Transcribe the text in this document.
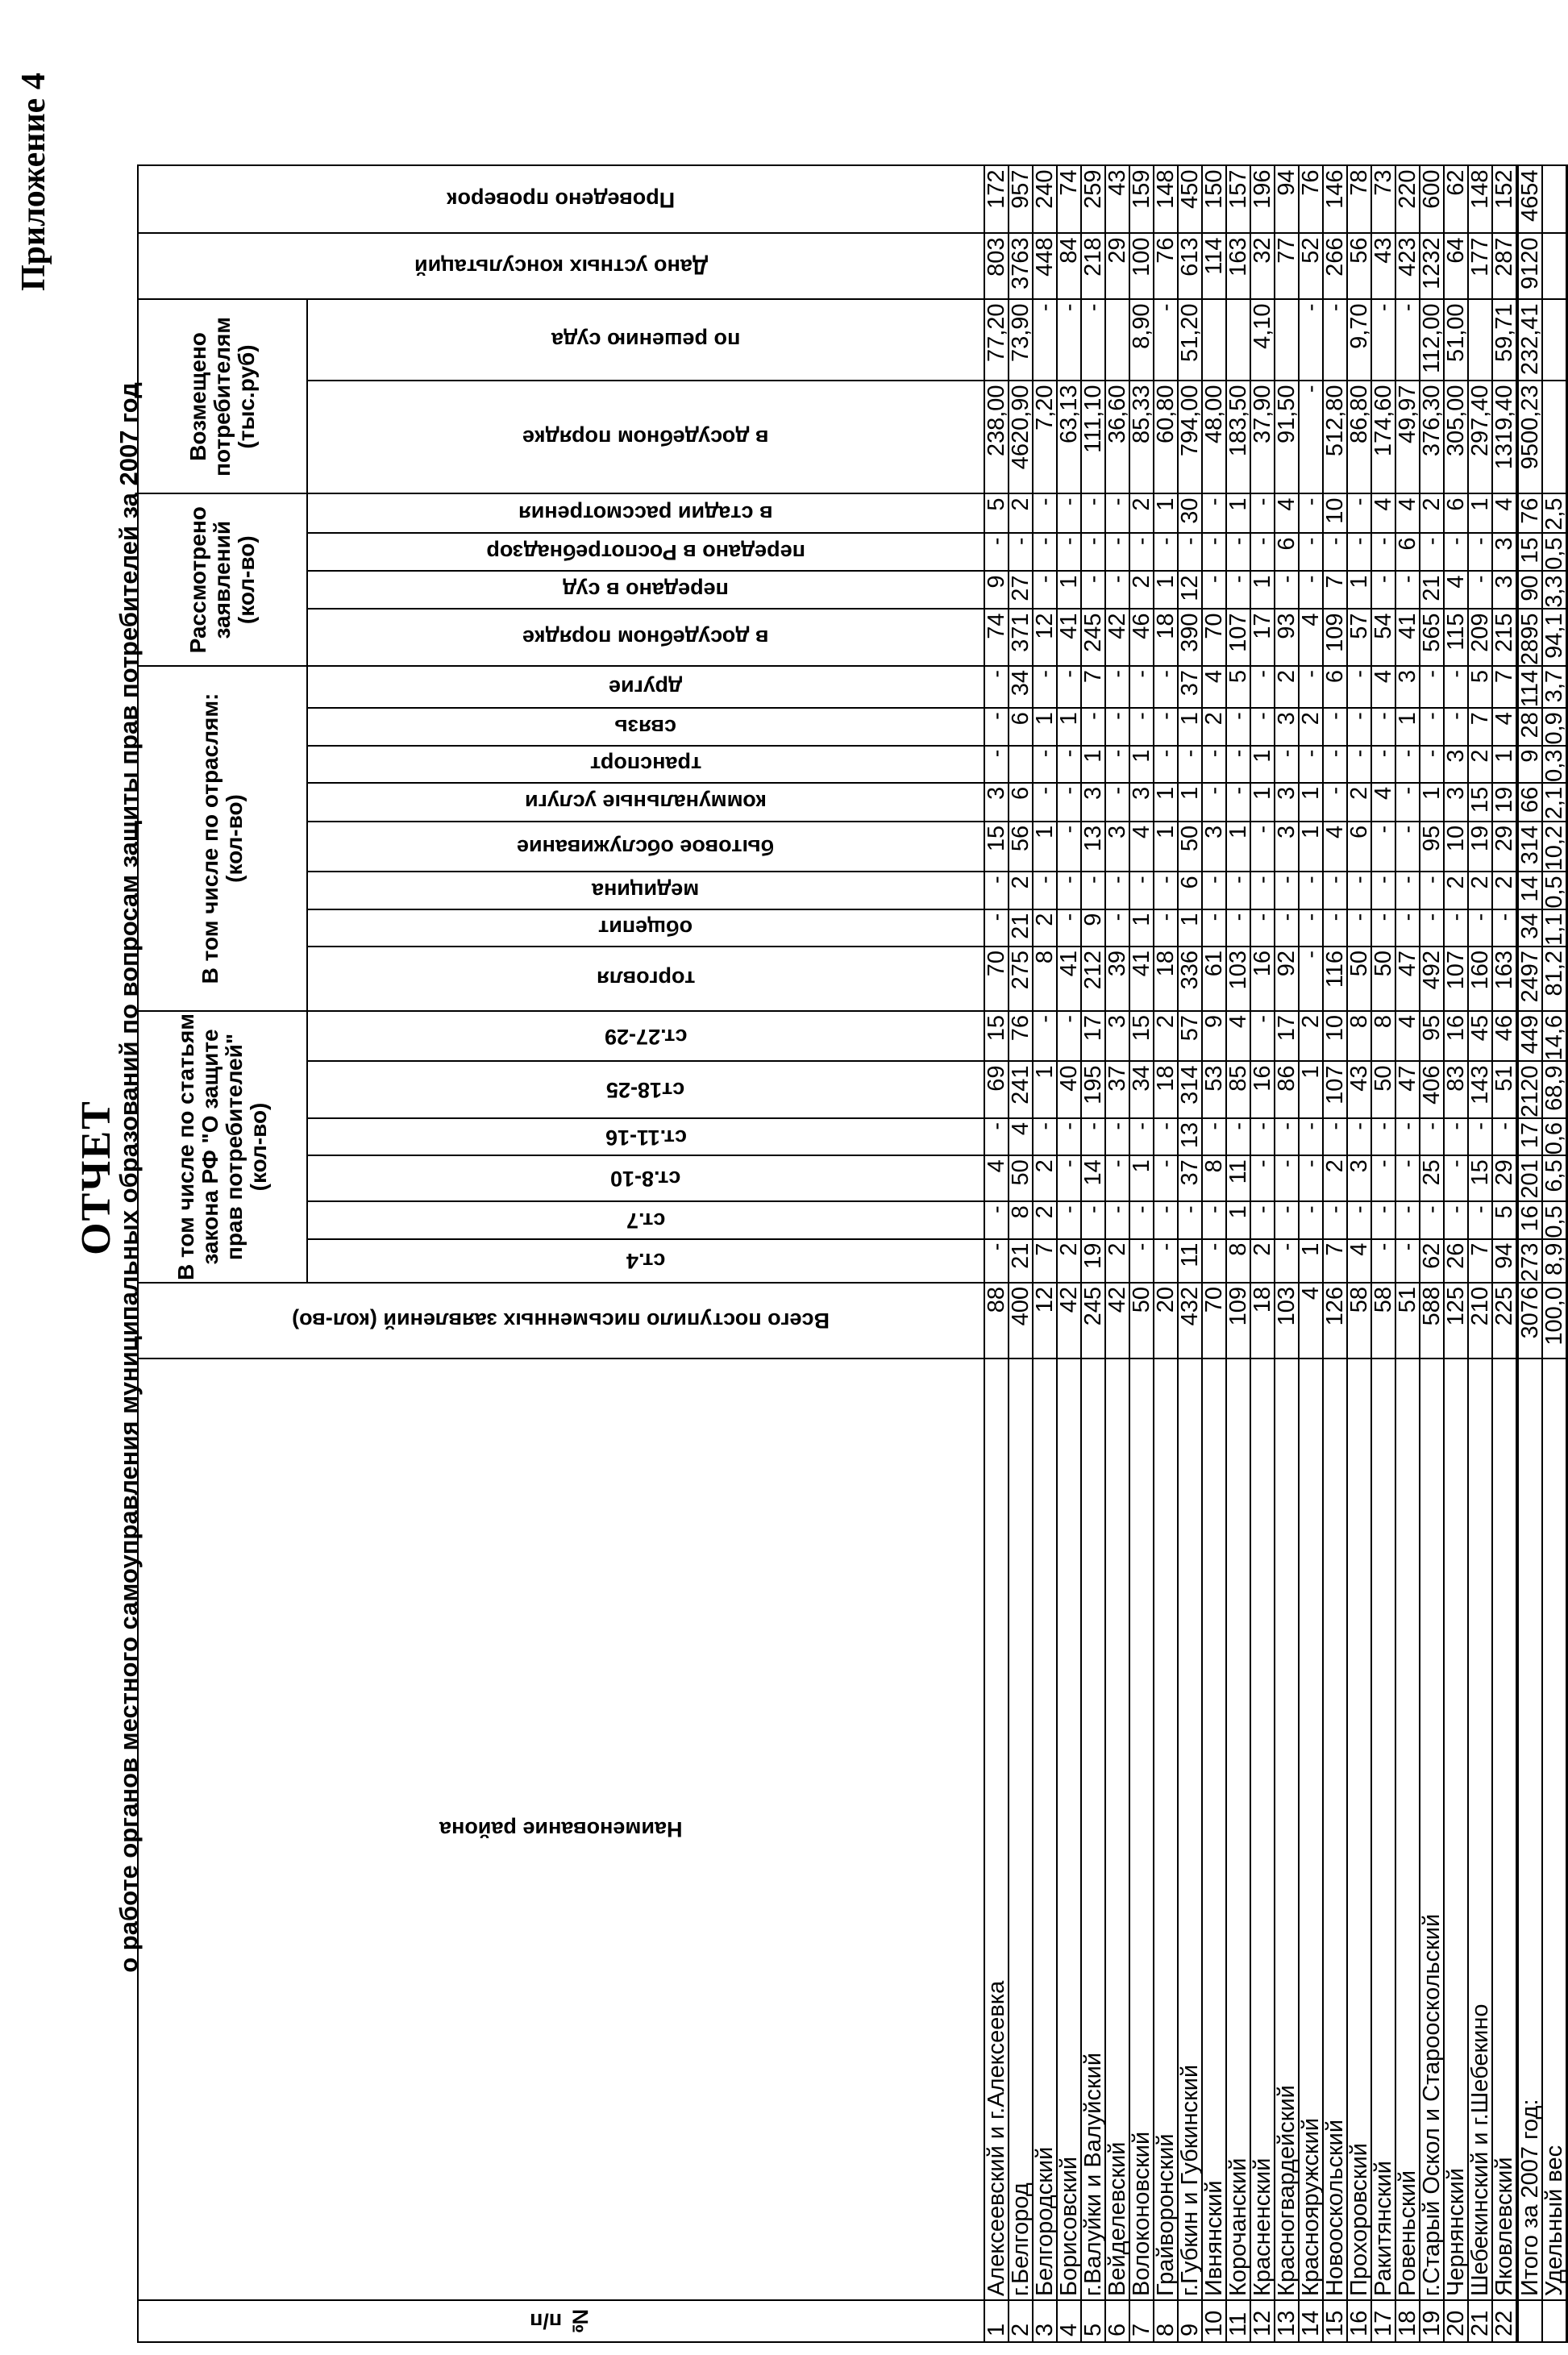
Приложение 4
ОТЧЕТ
о работе органов местного самоуправления муниципальных образований по вопросам защиты прав потребителей за 2007 год
№ п/п	Наименование района	Всего поступило письменных заявлений (кол-во)	В том числе по статьям закона РФ "О защите прав потребителей" (кол-во)						В том числе по отраслям: (кол-во)								Рассмотрено заявлений (кол-во)				Возмещено потребителям (тыс.руб)		Дано устных консультаций	Проведено проверок

			ст.4	ст.7	ст.8-10	ст.11-16	ст18-25	ст.27-29	торговля	общепит	медицина	бытовое обслуживание	коммунальные услуги	транспорт	связь	другие	в досудебном порядке	передано в суд	передано в Роспотребнадзор	в стадии рассмотрения	в досудебном порядке	по решению суда		

1	Алексеевский и г.Алексеевка	88	-	-	4	-	69	15	70	-	-	15	3	-	-	-	74	9	-	5	238,00	77,20	803	172
2	г.Белгород	400	21	8	50	4	241	76	275	21	2	56	6		6	34	371	27	-	2	4620,90	73,90	3763	957
3	Белгородский	12	7	2	2	-	1	-	8	2	-	1	-	-	1	-	12	-	-	-	7,20	-	448	240
4	Борисовский	42	2	-	-	-	40	-	41	-	-	-	-	-	1	-	41	1	-	-	63,13	-	84	74
5	г.Валуйки и Валуйский	245	19	-	14	-	195	17	212	9	-	13	3	1	-	7	245	-	-	-	111,10	-	218	259
6	Вейделевский	42	2	-	-	-	37	3	39	-	-	3	-	-	-	-	42	-	-	-	36,60		29	43
7	Волоконовский	50	-	-	1	-	34	15	41	1	-	4	3	1	-	-	46	2	-	2	85,33	8,90	100	159
8	Грайворонский	20	-	-	-	-	18	2	18	-	-	1	1	-	-	-	18	1	-	1	60,80	-	76	148
9	г.Губкин и Губкинский	432	11	-	37	13	314	57	336	1	6	50	1	-	1	37	390	12	-	30	794,00	51,20	613	450
10	Ивнянский	70	-	-	8	-	53	9	61	-	-	3	-	-	2	4	70	-	-	-	48,00		114	150
11	Корочанский	109	8	1	11	-	85	4	103	-	-	1	-	-	-	5	107	-	-	1	183,50		163	157
12	Красненский	18	2	-	-	-	16	-	16	-	-	-	1	1	-	-	17	1	-	-	37,90	4,10	32	196
13	Красногвардейский	103	-	-	-	-	86	17	92	-	-	3	3	-	3	2	93	-	6	4	91,50		77	94
14	Краснояружский	4	1	-	-	-	1	2	-	-	-	1	1	-	2	-	4	-	-	-	-	-	52	76
15	Новооскольский	126	7	-	2	-	107	10	116	-	-	4	-	-	-	6	109	7	-	10	512,80	-	266	146
16	Прохоровский	58	4	-	3	-	43	8	50	-	-	6	2	-	-	-	57	1	-	-	86,80	9,70	56	78
17	Ракитянский	58	-	-	-	-	50	8	50	-	-	-	4	-	-	4	54	-	-	4	174,60	-	43	73
18	Ровеньский	51	-	-	-	-	47	4	47	-	-	-	-	-	1	3	41	-	6	4	49,97	-	423	220
19	г.Старый Оскол и Старооскольский	588	62	-	25	-	406	95	492	-	-	95	1	-	-	-	565	21	-	2	376,30	112,00	1232	600
20	Чернянский	125	26	-	-	-	83	16	107	-	2	10	3	3	-	-	115	4	-	6	305,00	51,00	64	62
21	Шебекинский и г.Шебекино	210	7	-	15	-	143	45	160	-	2	19	15	2	7	5	209	-	-	1	297,40		177	148
22	Яковлевский	225	94	5	29	-	51	46	163	-	2	29	19	1	4	7	215	3	3	4	1319,40	59,71	287	152
	Итого за 2007 год:	3076	273	16	201	17	2120	449	2497	34	14	314	66	9	28	114	2895	90	15	76	9500,23	232,41	9120	4654
	Удельный вес	100,0	8,9	0,5	6,5	0,6	68,9	14,6	81,2	1,1	0,5	10,2	2,1	0,3	0,9	3,7	94,1	3,3	0,5	2,5				
